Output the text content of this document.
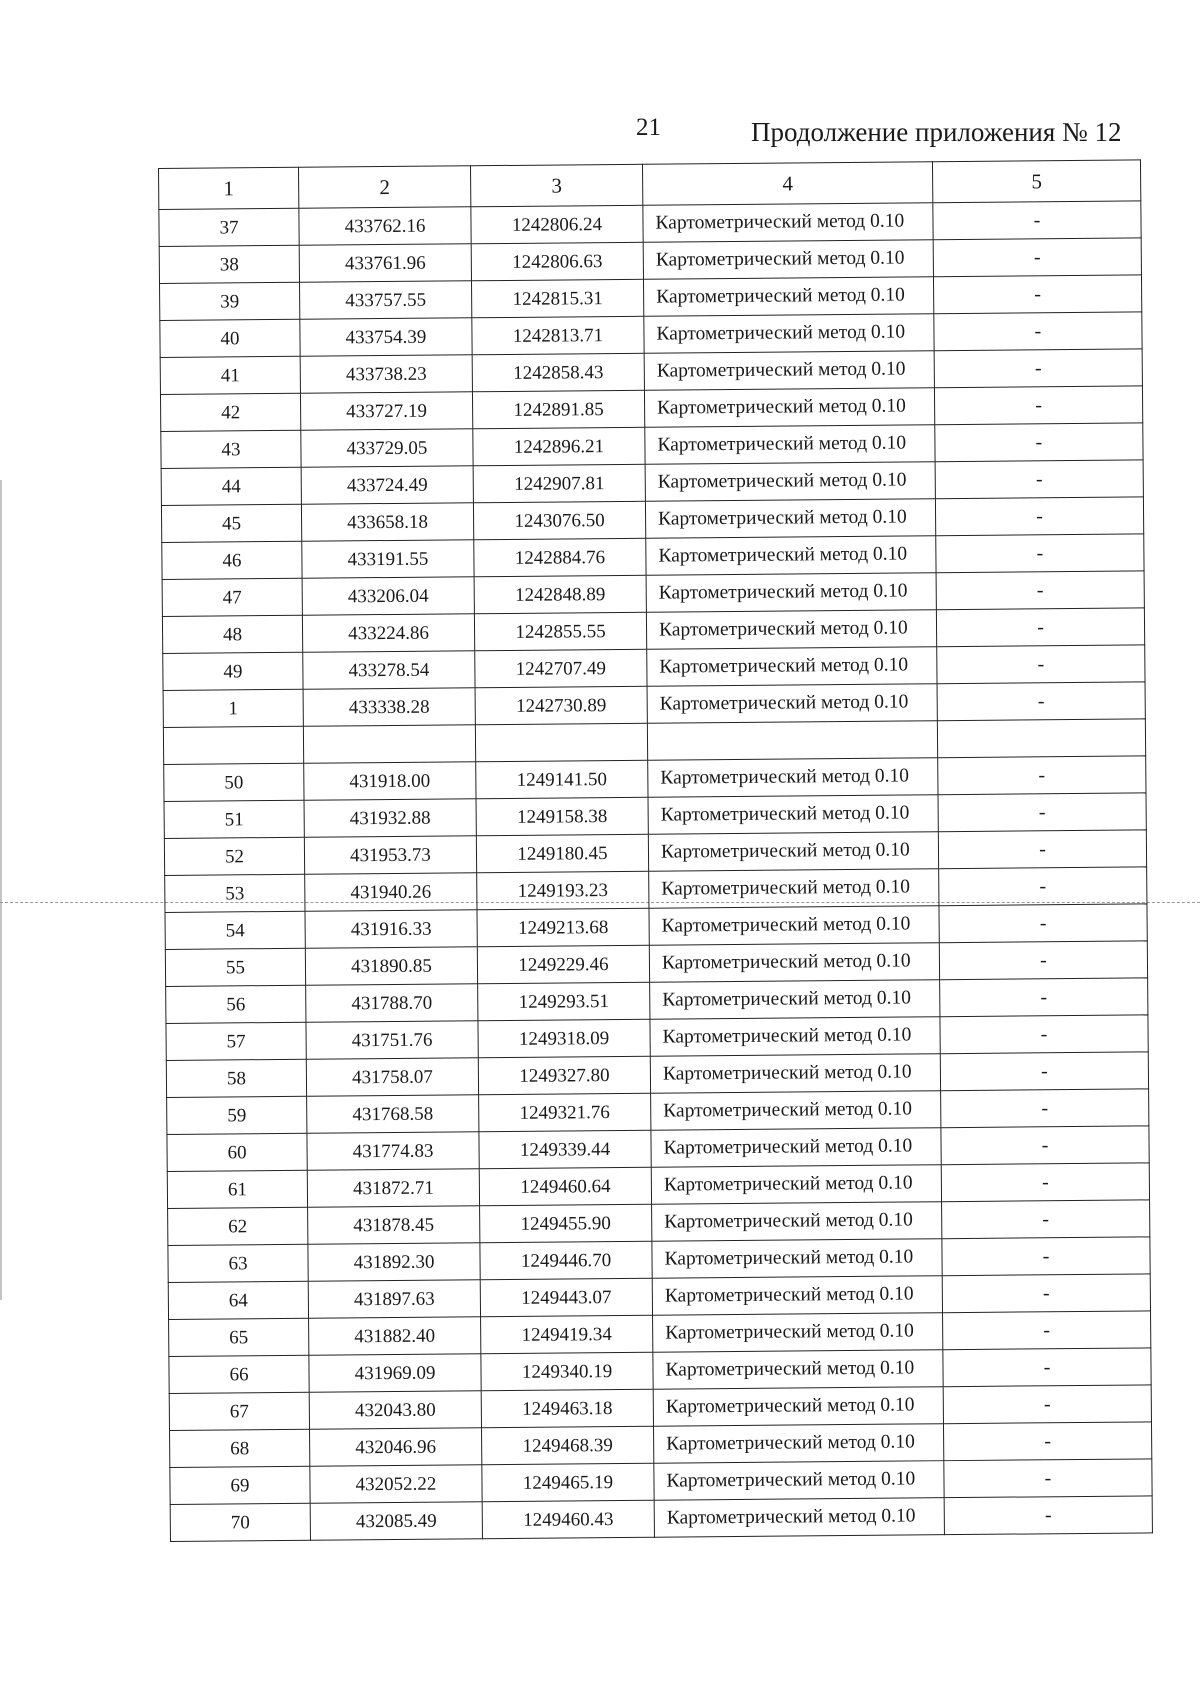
21	Продолжение приложения № 12
1	2	3	4	5
37	433762.16	1242806.24	Картометрический метод 0.10	-
38	433761.96	1242806.63	Картометрический метод 0.10	-
39	433757.55	1242815.31	Картометрический метод 0.10	-
40	433754.39	1242813.71	Картометрический метод 0.10	-
41	433738.23	1242858.43	Картометрический метод 0.10	-
42	433727.19	1242891.85	Картометрический метод 0.10	-
43	433729.05	1242896.21	Картометрический метод 0.10	-
44	433724.49	1242907.81	Картометрический метод 0.10	-
45	433658.18	1243076.50	Картометрический метод 0.10	-
46	433191.55	1242884.76	Картометрический метод 0.10	-
47	433206.04	1242848.89	Картометрический метод 0.10	-
48	433224.86	1242855.55	Картометрический метод 0.10	-
49	433278.54	1242707.49	Картометрический метод 0.10	-
1	433338.28	1242730.89	Картометрический метод 0.10	-

50	431918.00	1249141.50	Картометрический метод 0.10	-
51	431932.88	1249158.38	Картометрический метод 0.10	-
52	431953.73	1249180.45	Картометрический метод 0.10	-
53	431940.26	1249193.23	Картометрический метод 0.10	-
54	431916.33	1249213.68	Картометрический метод 0.10	-
55	431890.85	1249229.46	Картометрический метод 0.10	-
56	431788.70	1249293.51	Картометрический метод 0.10	-
57	431751.76	1249318.09	Картометрический метод 0.10	-
58	431758.07	1249327.80	Картометрический метод 0.10	-
59	431768.58	1249321.76	Картометрический метод 0.10	-
60	431774.83	1249339.44	Картометрический метод 0.10	-
61	431872.71	1249460.64	Картометрический метод 0.10	-
62	431878.45	1249455.90	Картометрический метод 0.10	-
63	431892.30	1249446.70	Картометрический метод 0.10	-
64	431897.63	1249443.07	Картометрический метод 0.10	-
65	431882.40	1249419.34	Картометрический метод 0.10	-
66	431969.09	1249340.19	Картометрический метод 0.10	-
67	432043.80	1249463.18	Картометрический метод 0.10	-
68	432046.96	1249468.39	Картометрический метод 0.10	-
69	432052.22	1249465.19	Картометрический метод 0.10	-
70	432085.49	1249460.43	Картометрический метод 0.10	-
